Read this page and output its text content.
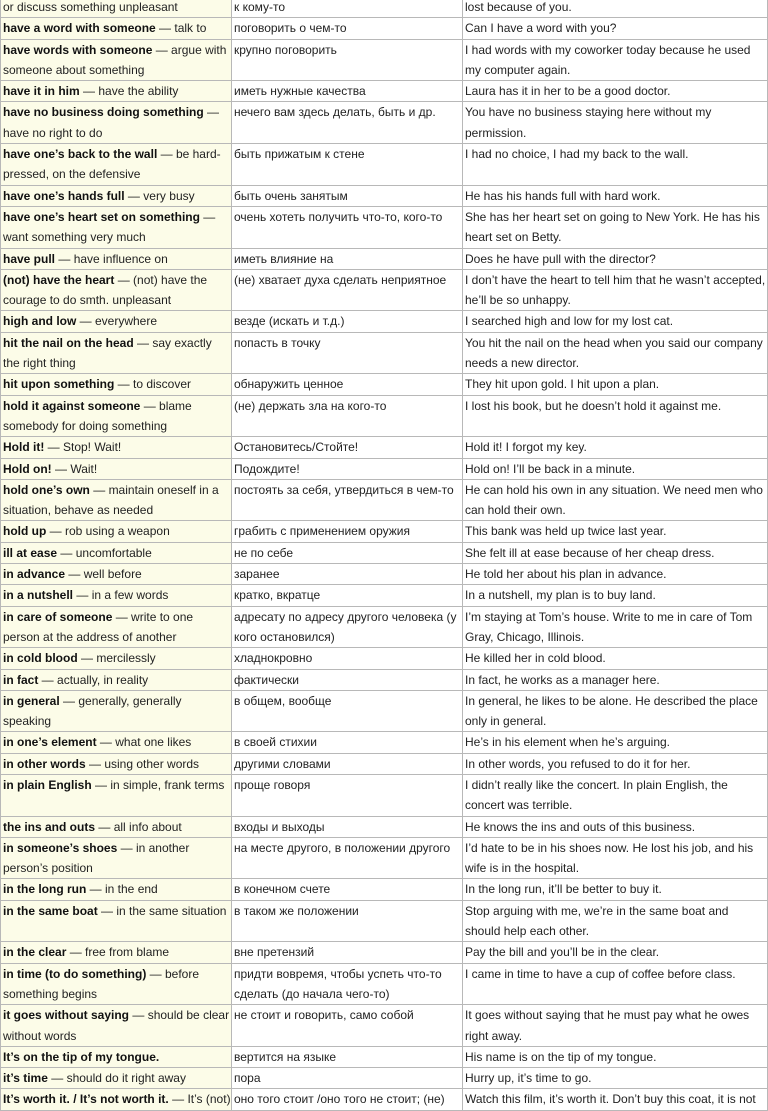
or discuss something unpleasant	к кому-то	lost because of you.
have a word with someone — talk to	поговорить о чем-то	Can I have a word with you?
have words with someone — argue with someone about something	крупно поговорить	I had words with my coworker today because he used my computer again.
have it in him — have the ability	иметь нужные качества	Laura has it in her to be a good doctor.
have no business doing something — have no right to do	нечего вам здесь делать, быть и др.	You have no business staying here without my permission.
have one’s back to the wall — be hard-pressed, on the defensive	быть прижатым к стене	I had no choice, I had my back to the wall.
have one’s hands full — very busy	быть очень занятым	He has his hands full with hard work.
have one’s heart set on something — want something very much	очень хотеть получить что-то, кого-то	She has her heart set on going to New York. He has his heart set on Betty.
have pull — have influence on	иметь влияние на	Does he have pull with the director?
(not) have the heart — (not) have the courage to do smth. unpleasant	(не) хватает духа сделать неприятное	I don’t have the heart to tell him that he wasn’t accepted, he’ll be so unhappy.
high and low — everywhere	везде (искать и т.д.)	I searched high and low for my lost cat.
hit the nail on the head — say exactly the right thing	попасть в точку	You hit the nail on the head when you said our company needs a new director.
hit upon something — to discover	обнаружить ценное	They hit upon gold. I hit upon a plan.
hold it against someone — blame somebody for doing something	(не) держать зла на кого-то	I lost his book, but he doesn’t hold it against me.
Hold it! — Stop! Wait!	Остановитесь/Стойте!	Hold it! I forgot my key.
Hold on! — Wait!	Подождите!	Hold on! I’ll be back in a minute.
hold one’s own — maintain oneself in a situation, behave as needed	постоять за себя, утвердиться в чем-то	He can hold his own in any situation. We need men who can hold their own.
hold up — rob using a weapon	грабить с применением оружия	This bank was held up twice last year.
ill at ease — uncomfortable	не по себе	She felt ill at ease because of her cheap dress.
in advance — well before	заранее	He told her about his plan in advance.
in a nutshell — in a few words	кратко, вкратце	In a nutshell, my plan is to buy land.
in care of someone — write to one person at the address of another	адресату по адресу другого человека (у кого остановился)	I’m staying at Tom’s house. Write to me in care of Tom Gray, Chicago, Illinois.
in cold blood — mercilessly	хладнокровно	He killed her in cold blood.
in fact — actually, in reality	фактически	In fact, he works as a manager here.
in general — generally, generally speaking	в общем, вообще	In general, he likes to be alone. He described the place only in general.
in one’s element — what one likes	в своей стихии	He’s in his element when he’s arguing.
in other words — using other words	другими словами	In other words, you refused to do it for her.
in plain English — in simple, frank terms	проще говоря	I didn’t really like the concert. In plain English, the concert was terrible.
the ins and outs — all info about	входы и выходы	He knows the ins and outs of this business.
in someone’s shoes — in another person’s position	на месте другого, в положении другого	I’d hate to be in his shoes now. He lost his job, and his wife is in the hospital.
in the long run — in the end	в конечном счете	In the long run, it’ll be better to buy it.
in the same boat — in the same situation	в таком же положении	Stop arguing with me, we’re in the same boat and should help each other.
in the clear — free from blame	вне претензий	Pay the bill and you’ll be in the clear.
in time (to do something) — before something begins	придти вовремя, чтобы успеть что-то сделать (до начала чего-то)	I came in time to have a cup of coffee before class.
it goes without saying — should be clear without words	не стоит и говорить, само собой	It goes without saying that he must pay what he owes right away.
It’s on the tip of my tongue.	вертится на языке	His name is on the tip of my tongue.
it’s time — should do it right away	пора	Hurry up, it’s time to go.
It’s worth it. / It’s not worth it. — It’s (not)	оно того стоит /оно того не стоит; (не)	Watch this film, it’s worth it. Don’t buy this coat, it is not
